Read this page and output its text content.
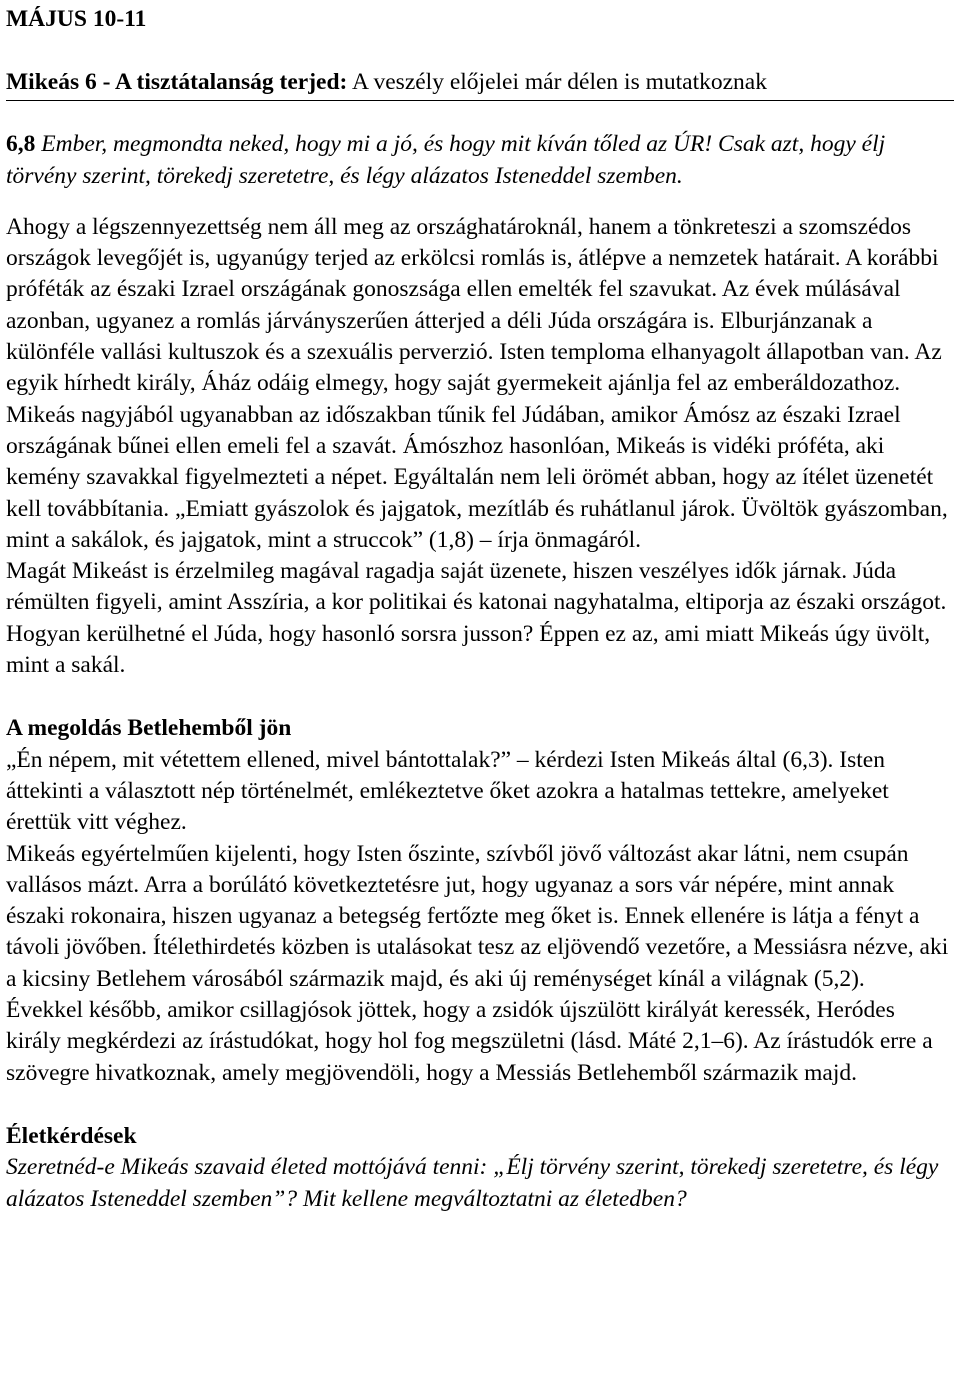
MÁJUS 10-11
Mikeás 6 - A tisztátalanság terjed: A veszély előjelei már délen is mutatkoznak
6,8 Ember, megmondta neked, hogy mi a jó, és hogy mit kíván tőled az ÚR! Csak azt, hogy élj törvény szerint, törekedj szeretetre, és légy alázatos Isteneddel szemben.

Ahogy a légszennyezettség nem áll meg az országhatároknál, hanem a tönkreteszi a szomszédos országok levegőjét is, ugyanúgy terjed az erkölcsi romlás is, átlépve a nemzetek határait. A korábbi próféták az északi Izrael országának gonoszsága ellen emelték fel szavukat. Az évek múlásával azonban, ugyanez a romlás járványszerűen átterjed a déli Júda országára is. Elburjánzanak a különféle vallási kultuszok és a szexuális perverzió. Isten temploma elhanyagolt állapotban van. Az egyik hírhedt király, Áház odáig elmegy, hogy saját gyermekeit ajánlja fel az emberáldozathoz. Mikeás nagyjából ugyanabban az időszakban tűnik fel Júdában, amikor Ámósz az északi Izrael országának bűnei ellen emeli fel a szavát. Ámószhoz hasonlóan, Mikeás is vidéki próféta, aki kemény szavakkal figyelmezteti a népet. Egyáltalán nem leli örömét abban, hogy az ítélet üzenetét kell továbbítania. „Emiatt gyászolok és jajgatok, mezítláb és ruhátlanul járok. Üvöltök gyászomban, mint a sakálok, és jajgatok, mint a struccok” (1,8) – írja önmagáról.

Magát Mikeást is érzelmileg magával ragadja saját üzenete, hiszen veszélyes idők járnak. Júda rémülten figyeli, amint Asszíria, a kor politikai és katonai nagyhatalma, eltiporja az északi országot. Hogyan kerülhetné el Júda, hogy hasonló sorsra jusson? Éppen ez az, ami miatt Mikeás úgy üvölt, mint a sakál.

A megoldás Betlehemből jön

„Én népem, mit vétettem ellened, mivel bántottalak?” – kérdezi Isten Mikeás által (6,3). Isten áttekinti a választott nép történelmét, emlékeztetve őket azokra a hatalmas tettekre, amelyeket érettük vitt véghez.

Mikeás egyértelműen kijelenti, hogy Isten őszinte, szívből jövő változást akar látni, nem csupán vallásos mázt. Arra a borúlátó következtetésre jut, hogy ugyanaz a sors vár népére, mint annak északi rokonaira, hiszen ugyanaz a betegség fertőzte meg őket is. Ennek ellenére is látja a fényt a távoli jövőben. Ítélethirdetés közben is utalásokat tesz az eljövendő vezetőre, a Messiásra nézve, aki a kicsiny Betlehem városából származik majd, és aki új reménységet kínál a világnak (5,2).

Évekkel később, amikor csillagjósok jöttek, hogy a zsidók újszülött királyát keressék, Heródes király megkérdezi az írástudókat, hogy hol fog megszületni (lásd. Máté 2,1–6). Az írástudók erre a szövegre hivatkoznak, amely megjövendöli, hogy a Messiás Betlehemből származik majd.

Életkérdések

Szeretnéd-e Mikeás szavaid életed mottójává tenni: „Élj törvény szerint, törekedj szeretetre, és légy alázatos Isteneddel szemben”? Mit kellene megváltoztatni az életedben?
